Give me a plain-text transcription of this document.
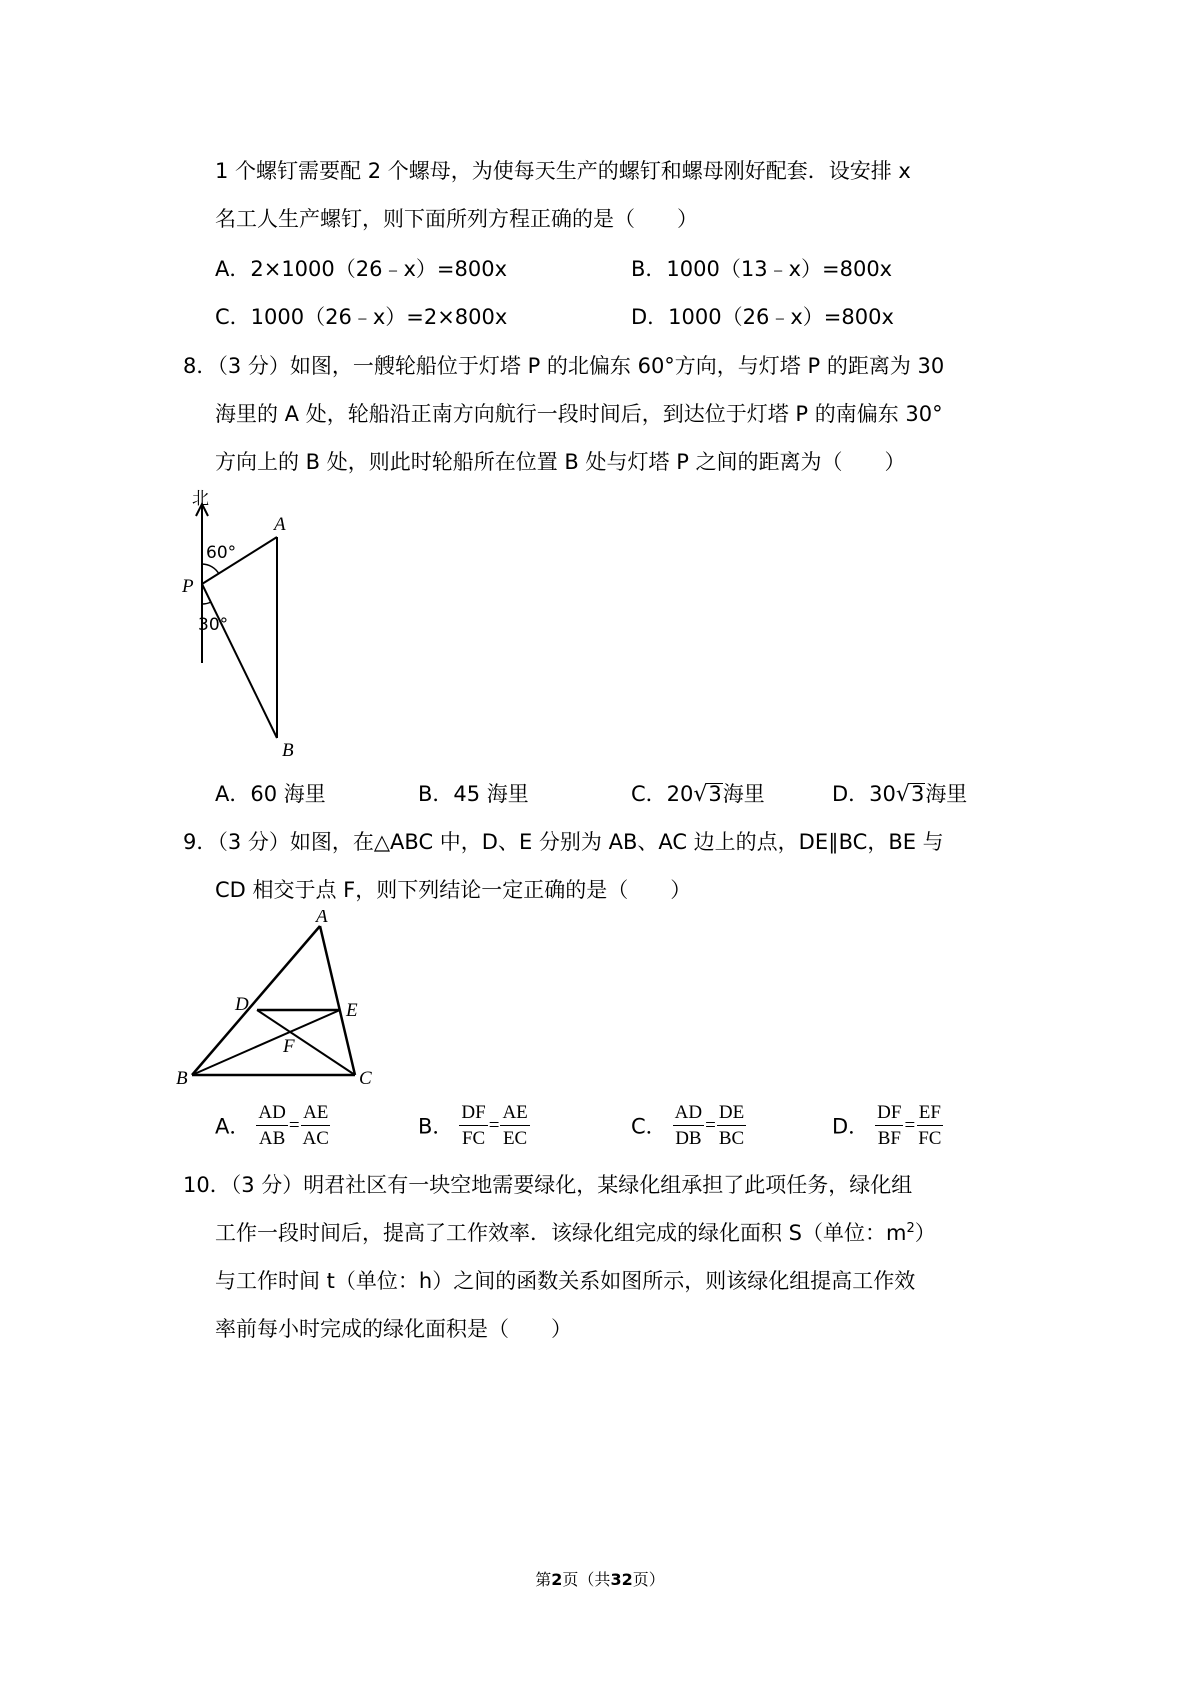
1 个螺钉需要配 2 个螺母，为使每天生产的螺钉和螺母刚好配套．设安排 x
名工人生产螺钉，则下面所列方程正确的是（　　）
A．2×1000（26﹣x）=800x	B．1000（13﹣x）=800x
C．1000（26﹣x）=2×800x	D．1000（26﹣x）=800x
8．（3 分）如图，一艘轮船位于灯塔 P 的北偏东 60°方向，与灯塔 P 的距离为 30
海里的 A 处，轮船沿正南方向航行一段时间后，到达位于灯塔 P 的南偏东 30°
方向上的 B 处，则此时轮船所在位置 B 处与灯塔 P 之间的距离为（　　）
北
60°
30°
A
P
B
A．60 海里	B．45 海里	C．20√3海里	D．30√3海里
9．（3 分）如图，在△ABC 中，D、E 分别为 AB、AC 边上的点，DE∥BC，BE 与
CD 相交于点 F，则下列结论一定正确的是（　　）
A
D	E
F
B	C
A． $\frac{AD}{AB} = \frac{AE}{AC}$	B． $\frac{DF}{FC} = \frac{AE}{EC}$	C． $\frac{AD}{DB} = \frac{DE}{BC}$	D． $\frac{DF}{BF} = \frac{EF}{FC}$
10．（3 分）明君社区有一块空地需要绿化，某绿化组承担了此项任务，绿化组
工作一段时间后，提高了工作效率．该绿化组完成的绿化面积 S（单位：$m^2$）
与工作时间 t（单位：h）之间的函数关系如图所示，则该绿化组提高工作效
率前每小时完成的绿化面积是（　　）
第2页（共32页）
